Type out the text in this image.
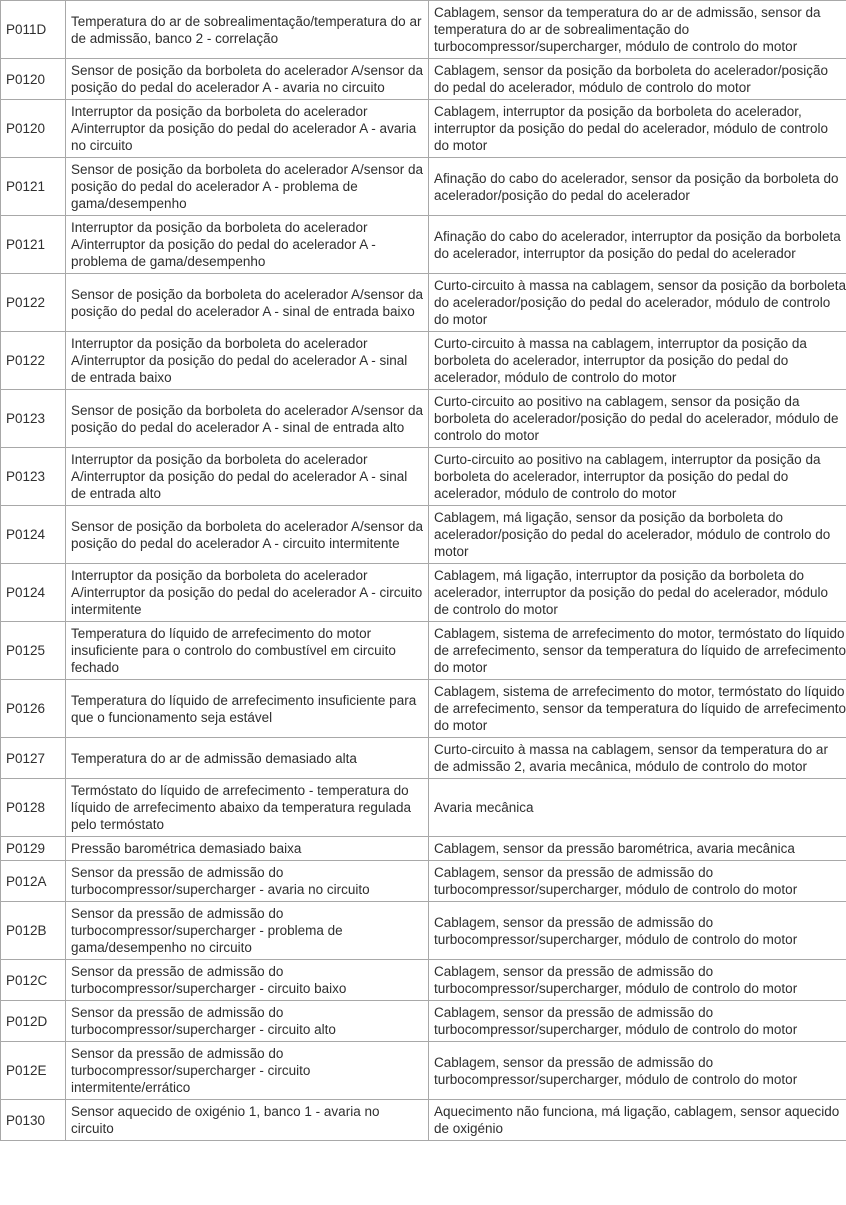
P011D	Temperatura do ar de sobrealimentação/temperatura do ar de admissão, banco 2 - correlação	Cablagem, sensor da temperatura do ar de admissão, sensor da temperatura do ar de sobrealimentação do turbocompressor/supercharger, módulo de controlo do motor
P0120	Sensor de posição da borboleta do acelerador A/sensor da posição do pedal do acelerador A - avaria no circuito	Cablagem, sensor da posição da borboleta do acelerador/posição do pedal do acelerador, módulo de controlo do motor
P0120	Interruptor da posição da borboleta do acelerador A/interruptor da posição do pedal do acelerador A - avaria no circuito	Cablagem, interruptor da posição da borboleta do acelerador, interruptor da posição do pedal do acelerador, módulo de controlo do motor
P0121	Sensor de posição da borboleta do acelerador A/sensor da posição do pedal do acelerador A - problema de gama/desempenho	Afinação do cabo do acelerador, sensor da posição da borboleta do acelerador/posição do pedal do acelerador
P0121	Interruptor da posição da borboleta do acelerador A/interruptor da posição do pedal do acelerador A - problema de gama/desempenho	Afinação do cabo do acelerador, interruptor da posição da borboleta do acelerador, interruptor da posição do pedal do acelerador
P0122	Sensor de posição da borboleta do acelerador A/sensor da posição do pedal do acelerador A - sinal de entrada baixo	Curto-circuito à massa na cablagem, sensor da posição da borboleta do acelerador/posição do pedal do acelerador, módulo de controlo do motor
P0122	Interruptor da posição da borboleta do acelerador A/interruptor da posição do pedal do acelerador A - sinal de entrada baixo	Curto-circuito à massa na cablagem, interruptor da posição da borboleta do acelerador, interruptor da posição do pedal do acelerador, módulo de controlo do motor
P0123	Sensor de posição da borboleta do acelerador A/sensor da posição do pedal do acelerador A - sinal de entrada alto	Curto-circuito ao positivo na cablagem, sensor da posição da borboleta do acelerador/posição do pedal do acelerador, módulo de controlo do motor
P0123	Interruptor da posição da borboleta do acelerador A/interruptor da posição do pedal do acelerador A - sinal de entrada alto	Curto-circuito ao positivo na cablagem, interruptor da posição da borboleta do acelerador, interruptor da posição do pedal do acelerador, módulo de controlo do motor
P0124	Sensor de posição da borboleta do acelerador A/sensor da posição do pedal do acelerador A - circuito intermitente	Cablagem, má ligação, sensor da posição da borboleta do acelerador/posição do pedal do acelerador, módulo de controlo do motor
P0124	Interruptor da posição da borboleta do acelerador A/interruptor da posição do pedal do acelerador A - circuito intermitente	Cablagem, má ligação, interruptor da posição da borboleta do acelerador, interruptor da posição do pedal do acelerador, módulo de controlo do motor
P0125	Temperatura do líquido de arrefecimento do motor insuficiente para o controlo do combustível em circuito fechado	Cablagem, sistema de arrefecimento do motor, termóstato do líquido de arrefecimento, sensor da temperatura do líquido de arrefecimento do motor
P0126	Temperatura do líquido de arrefecimento insuficiente para que o funcionamento seja estável	Cablagem, sistema de arrefecimento do motor, termóstato do líquido de arrefecimento, sensor da temperatura do líquido de arrefecimento do motor
P0127	Temperatura do ar de admissão demasiado alta	Curto-circuito à massa na cablagem, sensor da temperatura do ar de admissão 2, avaria mecânica, módulo de controlo do motor
P0128	Termóstato do líquido de arrefecimento - temperatura do líquido de arrefecimento abaixo da temperatura regulada pelo termóstato	Avaria mecânica
P0129	Pressão barométrica demasiado baixa	Cablagem, sensor da pressão barométrica, avaria mecânica
P012A	Sensor da pressão de admissão do turbocompressor/supercharger - avaria no circuito	Cablagem, sensor da pressão de admissão do turbocompressor/supercharger, módulo de controlo do motor
P012B	Sensor da pressão de admissão do turbocompressor/supercharger - problema de gama/desempenho no circuito	Cablagem, sensor da pressão de admissão do turbocompressor/supercharger, módulo de controlo do motor
P012C	Sensor da pressão de admissão do turbocompressor/supercharger - circuito baixo	Cablagem, sensor da pressão de admissão do turbocompressor/supercharger, módulo de controlo do motor
P012D	Sensor da pressão de admissão do turbocompressor/supercharger - circuito alto	Cablagem, sensor da pressão de admissão do turbocompressor/supercharger, módulo de controlo do motor
P012E	Sensor da pressão de admissão do turbocompressor/supercharger - circuito intermitente/errático	Cablagem, sensor da pressão de admissão do turbocompressor/supercharger, módulo de controlo do motor
P0130	Sensor aquecido de oxigénio 1, banco 1 - avaria no circuito	Aquecimento não funciona, má ligação, cablagem, sensor aquecido de oxigénio
